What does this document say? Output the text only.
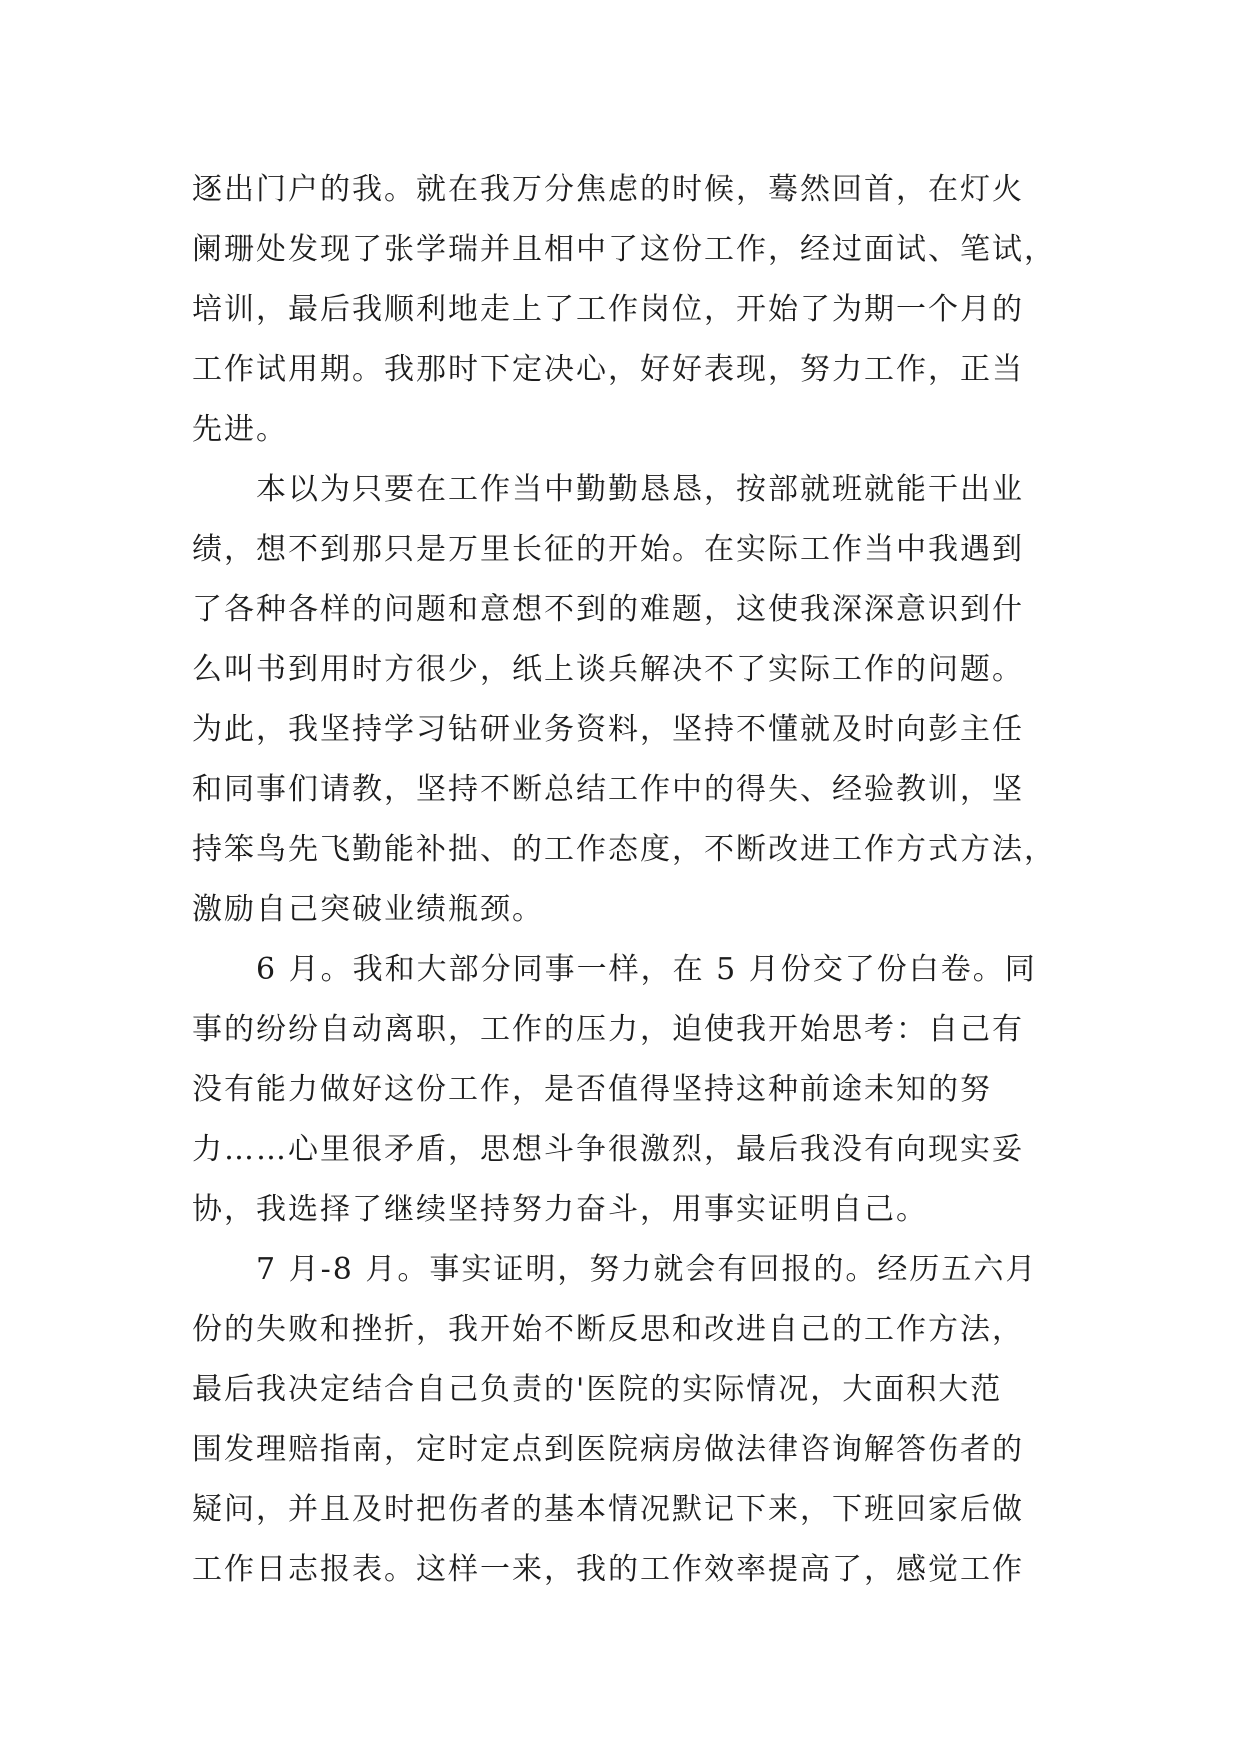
逐出门户的我。就在我万分焦虑的时候，蓦然回首，在灯火
阑珊处发现了张学瑞并且相中了这份工作，经过面试、笔试，
培训，最后我顺利地走上了工作岗位，开始了为期一个月的
工作试用期。我那时下定决心，好好表现，努力工作，正当
先进。
本以为只要在工作当中勤勤恳恳，按部就班就能干出业
绩，想不到那只是万里长征的开始。在实际工作当中我遇到
了各种各样的问题和意想不到的难题，这使我深深意识到什
么叫书到用时方很少，纸上谈兵解决不了实际工作的问题。
为此，我坚持学习钻研业务资料，坚持不懂就及时向彭主任
和同事们请教，坚持不断总结工作中的得失、经验教训，坚
持笨鸟先飞勤能补拙、的工作态度，不断改进工作方式方法，
激励自己突破业绩瓶颈。
6 月。我和大部分同事一样，在 5 月份交了份白卷。同
事的纷纷自动离职，工作的压力，迫使我开始思考：自己有
没有能力做好这份工作，是否值得坚持这种前途未知的努
力……心里很矛盾，思想斗争很激烈，最后我没有向现实妥
协，我选择了继续坚持努力奋斗，用事实证明自己。
7 月-8 月。事实证明，努力就会有回报的。经历五六月
份的失败和挫折，我开始不断反思和改进自己的工作方法，
最后我决定结合自己负责的'医院的实际情况，大面积大范
围发理赔指南，定时定点到医院病房做法律咨询解答伤者的
疑问，并且及时把伤者的基本情况默记下来，下班回家后做
工作日志报表。这样一来，我的工作效率提高了，感觉工作
